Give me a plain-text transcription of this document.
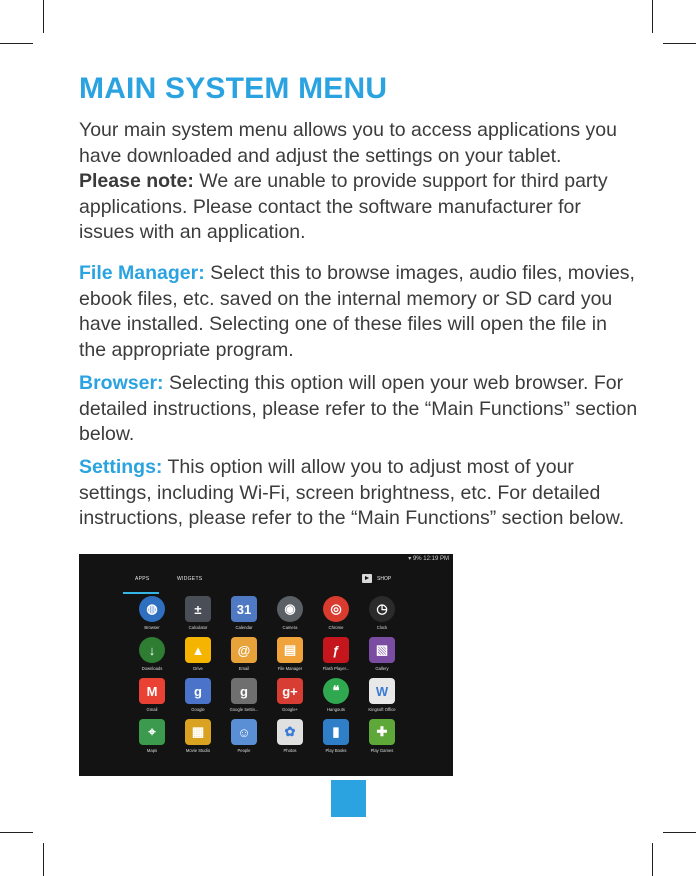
MAIN SYSTEM MENU

Your main system menu allows you to access applications you have downloaded and adjust the settings on your tablet.
Please note: We are unable to provide support for third party applications. Please contact the software manufacturer for issues with an application.

File Manager: Select this to browse images, audio files, movies, ebook files, etc. saved on the internal memory or SD card you have installed. Selecting one of these files will open the file in the appropriate program.

Browser: Selecting this option will open your web browser. For detailed instructions, please refer to the “Main Functions” section below.

Settings: This option will allow you to adjust most of your settings, including Wi-Fi, screen brightness, etc. For detailed instructions, please refer to the “Main Functions” section below.

▾ 9% 12:19 PM
APPS	WIDGETS	SHOP
◍
Browser
±
Calculator
31
Calendar
◉
Camera
◎
Chrome
◷
Clock
↓
Downloads
▲
Drive
@
Email
▤
File Manager
ƒ
Flash Player...
▧
Gallery
M
Gmail
g
Google
g
Google Settin...
g+
Google+
❝
Hangouts
W
Kingsoft Office
⌖
Maps
▦
Movie Studio
☺
People
✿
Photos
▮
Play Books
✚
Play Games
